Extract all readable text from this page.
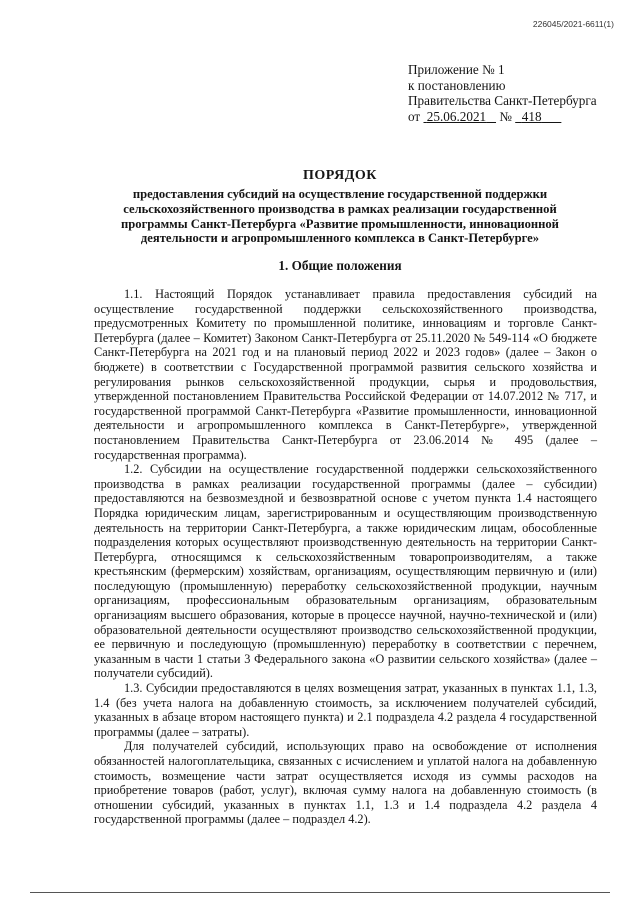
226045/2021-6611(1)
Приложение № 1
к постановлению
Правительства Санкт-Петербурга
от 25.06.2021 № 418
ПОРЯДОК
предоставления субсидий на осуществление государственной поддержки сельскохозяйственного производства в рамках реализации государственной программы Санкт-Петербурга «Развитие промышленности, инновационной деятельности и агропромышленного комплекса в Санкт-Петербурге»
1. Общие положения

1.1. Настоящий Порядок устанавливает правила предоставления субсидий на осуществление государственной поддержки сельскохозяйственного производства, предусмотренных Комитету по промышленной политике, инновациям и торговле Санкт-Петербурга (далее – Комитет) Законом Санкт-Петербурга от 25.11.2020 № 549-114 «О бюджете Санкт-Петербурга на 2021 год и на плановый период 2022 и 2023 годов» (далее – Закон о бюджете) в соответствии с Государственной программой развития сельского хозяйства и регулирования рынков сельскохозяйственной продукции, сырья и продовольствия, утвержденной постановлением Правительства Российской Федерации от 14.07.2012 № 717, и государственной программой Санкт-Петербурга «Развитие промышленности, инновационной деятельности и агропромышленного комплекса в Санкт-Петербурге», утвержденной постановлением Правительства Санкт-Петербурга от 23.06.2014 № 495 (далее – государственная программа).

1.2. Субсидии на осуществление государственной поддержки сельскохозяйственного производства в рамках реализации государственной программы (далее – субсидии) предоставляются на безвозмездной и безвозвратной основе с учетом пункта 1.4 настоящего Порядка юридическим лицам, зарегистрированным и осуществляющим производственную деятельность на территории Санкт-Петербурга, а также юридическим лицам, обособленные подразделения которых осуществляют производственную деятельность на территории Санкт-Петербурга, относящимся к сельскохозяйственным товаропроизводителям, а также крестьянским (фермерским) хозяйствам, организациям, осуществляющим первичную и (или) последующую (промышленную) переработку сельскохозяйственной продукции, научным организациям, профессиональным образовательным организациям, образовательным организациям высшего образования, которые в процессе научной, научно-технической и (или) образовательной деятельности осуществляют производство сельскохозяйственной продукции, ее первичную и последующую (промышленную) переработку в соответствии с перечнем, указанным в части 1 статьи 3 Федерального закона «О развитии сельского хозяйства» (далее – получатели субсидий).

1.3. Субсидии предоставляются в целях возмещения затрат, указанных в пунктах 1.1, 1.3, 1.4 (без учета налога на добавленную стоимость, за исключением получателей субсидий, указанных в абзаце втором настоящего пункта) и 2.1 подраздела 4.2 раздела 4 государственной программы (далее – затраты).

Для получателей субсидий, использующих право на освобождение от исполнения обязанностей налогоплательщика, связанных с исчислением и уплатой налога на добавленную стоимость, возмещение части затрат осуществляется исходя из суммы расходов на приобретение товаров (работ, услуг), включая сумму налога на добавленную стоимость (в отношении субсидий, указанных в пунктах 1.1, 1.3 и 1.4 подраздела 4.2 раздела 4 государственной программы (далее – подраздел 4.2).
